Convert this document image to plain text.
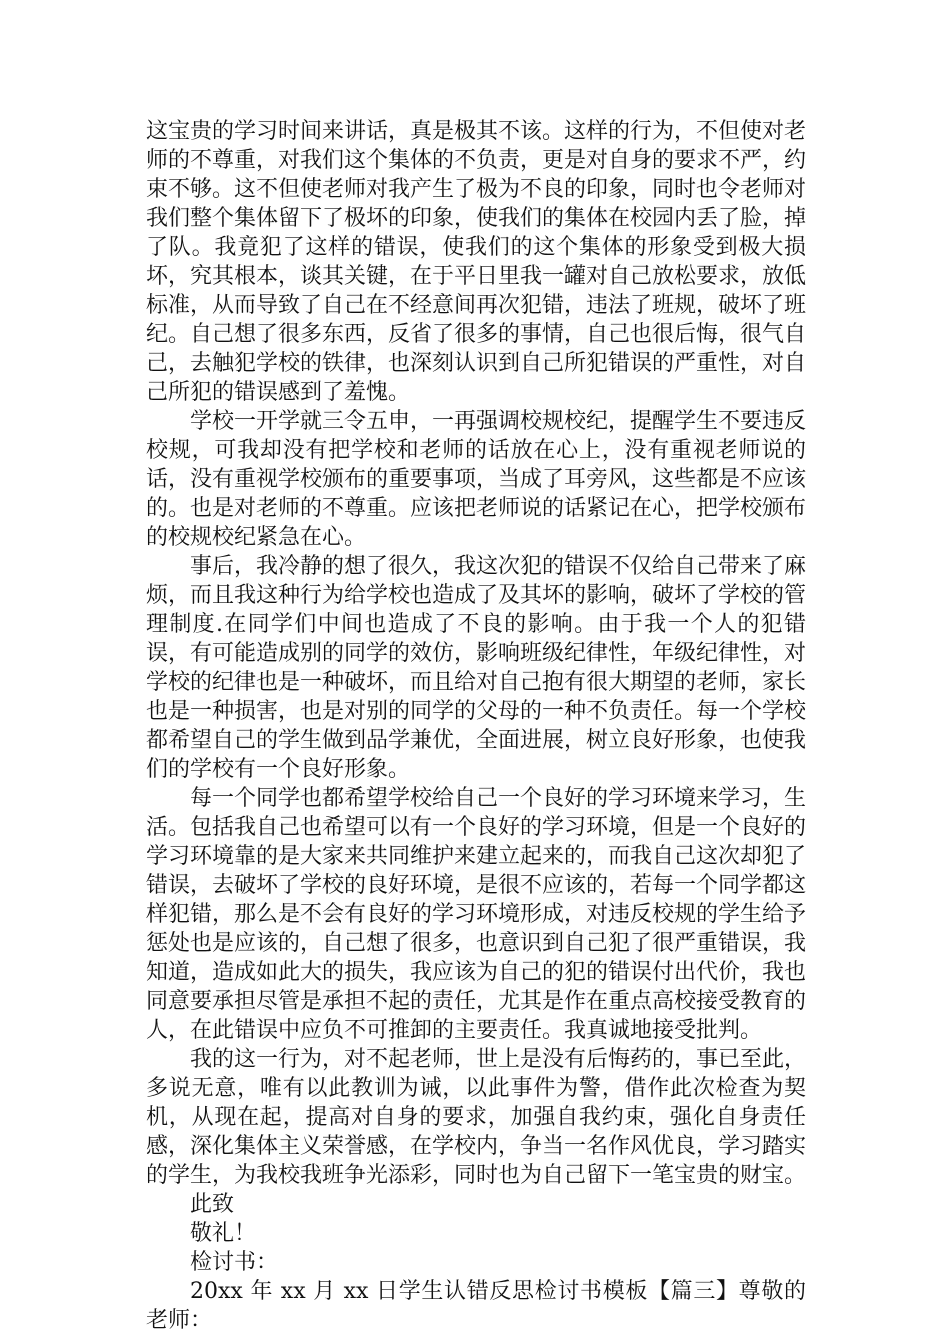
这宝贵的学习时间来讲话，真是极其不该。这样的行为，不但使对老师的不尊重，对我们这个集体的不负责，更是对自身的要求不严，约束不够。这不但使老师对我产生了极为不良的印象，同时也令老师对我们整个集体留下了极坏的印象，使我们的集体在校园内丢了脸，掉了队。我竟犯了这样的错误，使我们的这个集体的形象受到极大损坏，究其根本，谈其关键，在于平日里我一罐对自己放松要求，放低标准，从而导致了自己在不经意间再次犯错，违法了班规，破坏了班纪。自己想了很多东西，反省了很多的事情，自己也很后悔，很气自己，去触犯学校的铁律，也深刻认识到自己所犯错误的严重性，对自己所犯的错误感到了羞愧。

学校一开学就三令五申，一再强调校规校纪，提醒学生不要违反校规，可我却没有把学校和老师的话放在心上，没有重视老师说的话，没有重视学校颁布的重要事项，当成了耳旁风，这些都是不应该的。也是对老师的不尊重。应该把老师说的话紧记在心，把学校颁布的校规校纪紧急在心。

事后，我冷静的想了很久，我这次犯的错误不仅给自己带来了麻烦，而且我这种行为给学校也造成了及其坏的影响，破坏了学校的管理制度.在同学们中间也造成了不良的影响。由于我一个人的犯错误，有可能造成别的同学的效仿，影响班级纪律性，年级纪律性，对学校的纪律也是一种破坏，而且给对自己抱有很大期望的老师，家长也是一种损害，也是对别的同学的父母的一种不负责任。每一个学校都希望自己的学生做到品学兼优，全面进展，树立良好形象，也使我们的学校有一个良好形象。

每一个同学也都希望学校给自己一个良好的学习环境来学习，生活。包括我自己也希望可以有一个良好的学习环境，但是一个良好的学习环境靠的是大家来共同维护来建立起来的，而我自己这次却犯了错误，去破坏了学校的良好环境，是很不应该的，若每一个同学都这样犯错，那么是不会有良好的学习环境形成，对违反校规的学生给予惩处也是应该的，自己想了很多，也意识到自己犯了很严重错误，我知道，造成如此大的损失，我应该为自己的犯的错误付出代价，我也同意要承担尽管是承担不起的责任，尤其是作在重点高校接受教育的人，在此错误中应负不可推卸的主要责任。我真诚地接受批判。

我的这一行为，对不起老师，世上是没有后悔药的，事已至此，多说无意，唯有以此教训为诫，以此事件为警，借作此次检查为契机，从现在起，提高对自身的要求，加强自我约束，强化自身责任感，深化集体主义荣誉感，在学校内，争当一名作风优良，学习踏实的学生，为我校我班争光添彩，同时也为自己留下一笔宝贵的财宝。

此致

敬礼！

检讨书：

20xx 年 xx 月 xx 日学生认错反思检讨书模板【篇三】尊敬的老师：
